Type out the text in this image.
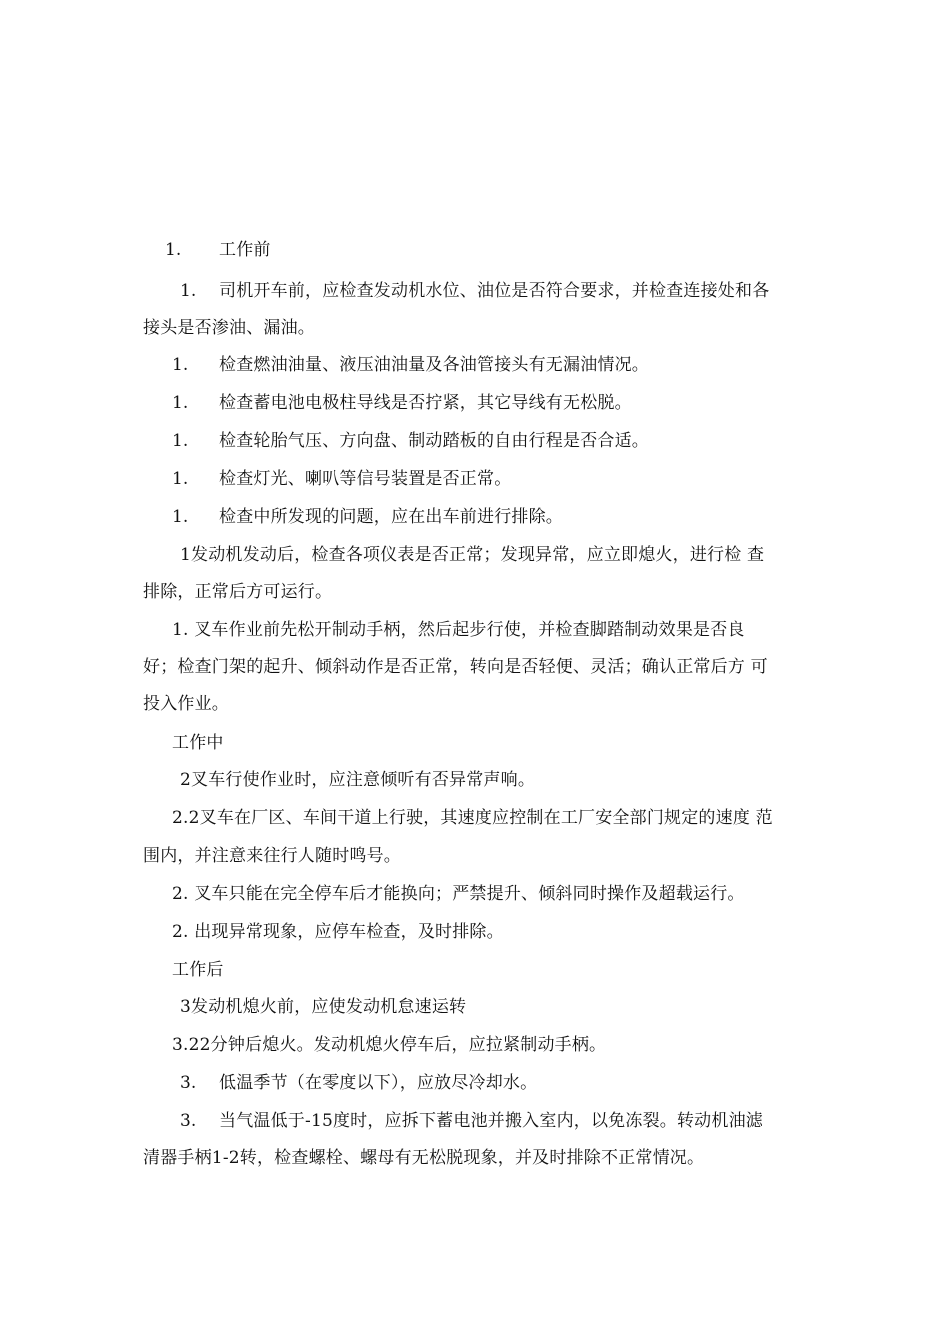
1. 工作前
1. 司机开车前，应检查发动机水位、油位是否符合要求，并检查连接处和各
接头是否渗油、漏油。
1. 检查燃油油量、液压油油量及各油管接头有无漏油情况。
1. 检查蓄电池电极柱导线是否拧紧，其它导线有无松脱。
1. 检查轮胎气压、方向盘、制动踏板的自由行程是否合适。
1. 检查灯光、喇叭等信号装置是否正常。
1. 检查中所发现的问题，应在出车前进行排除。
1发动机发动后，检查各项仪表是否正常；发现异常，应立即熄火，进行检 查
排除，正常后方可运行。
1. 叉车作业前先松开制动手柄，然后起步行使，并检查脚踏制动效果是否良
好；检查门架的起升、倾斜动作是否正常，转向是否轻便、灵活；确认正常后方 可
投入作业。
工作中
2叉车行使作业时，应注意倾听有否异常声响。
2.2叉车在厂区、车间干道上行驶，其速度应控制在工厂安全部门规定的速度 范
围内，并注意来往行人随时鸣号。
2. 叉车只能在完全停车后才能换向；严禁提升、倾斜同时操作及超载运行。
2. 出现异常现象，应停车检查，及时排除。
工作后
3发动机熄火前，应使发动机怠速运转
3.22分钟后熄火。发动机熄火停车后，应拉紧制动手柄。
3. 低温季节（在零度以下），应放尽冷却水。
3. 当气温低于-15度时，应拆下蓄电池并搬入室内，以免冻裂。转动机油滤
清器手柄1-2转，检查螺栓、螺母有无松脱现象，并及时排除不正常情况。
